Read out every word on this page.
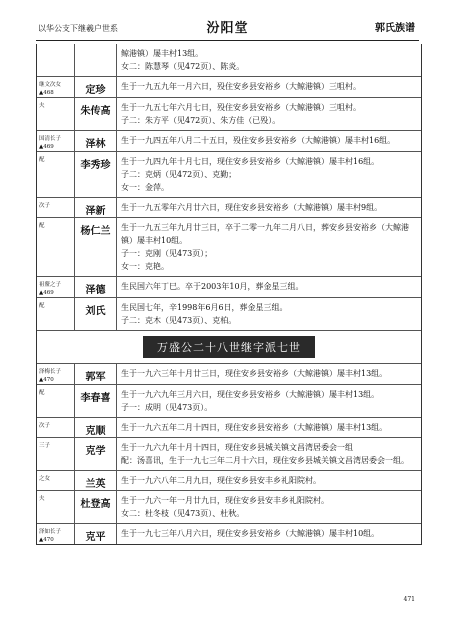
以华公支下继羲户世系	汾阳堂	郭氏族谱
鲸港镇）屡丰村13组。
女二：陈慧琴（见472页）、陈炎。
继文次女
▲468	定珍	生于一九五九年一月六日，殁住安乡县安裕乡（大鲸港镇）三咀村。
夫	朱传高	生于一九五七年六月七日，殁住安乡县安裕乡（大鲸港镇）三咀村。
子二：朱方平（见472页）、朱方佳（已殁）。
国清长子
▲469	泽林	生于一九四五年八月二十五日，殁住安乡县安裕乡（大鲸港镇）屡丰村16组。
配	李秀珍	生于一九四九年十月七日，现住安乡县安裕乡（大鲸港镇）屡丰村16组。
子二：克炳（见472页）、克勤；
女一：金萍。
次子	泽新	生于一九五零年六月廿六日，现住安乡县安裕乡（大鲸港镇）屡丰村9组。
配	杨仁兰	生于一九五三年九月廿三日，卒于二零一九年二月八日，葬安乡县安裕乡（大鲸港镇）屡丰村10组。
子一：克刚（见473页）；
女一：克艳。
祖鳌之子
▲469	泽德	生民国六年丁巳。卒于2003年10月，葬金星三组。
配	刘氏	生民国七年，辛1998年6月6日，葬金星三组。
子二：克木（见473页）、克柏。
万盛公二十八世继字派七世
泽梅长子
▲470	郭军	生于一九六三年十月廿三日，现住安乡县安裕乡（大鲸港镇）屡丰村13组。
配	李春喜	生于一九六九年三月六日，现住安乡县安裕乡（大鲸港镇）屡丰村13组。
子一：成明（见473页）。
次子	克顺	生于一九六五年二月十四日，现住安乡县安裕乡（大鲸港镇）屡丰村13组。
三子	克学	生于一九六九年十月十四日，现住安乡县城关镇文昌湾居委会一组
配：汤喜讯，生于一九七三年二月十六日，现住安乡县城关镇文昌湾居委会一组。
之女	兰英	生于一九六八年二月九日，现住安乡县安丰乡礼阳院村。
夫	杜登高	生于一九六一年一月廿九日，现住安乡县安丰乡礼阳院村。
女二：杜冬枝（见473页）、杜秋。
泽如长子
▲470	克平	生于一九七三年八月六日，现住安乡县安裕乡（大鲸港镇）屡丰村10组。
471
